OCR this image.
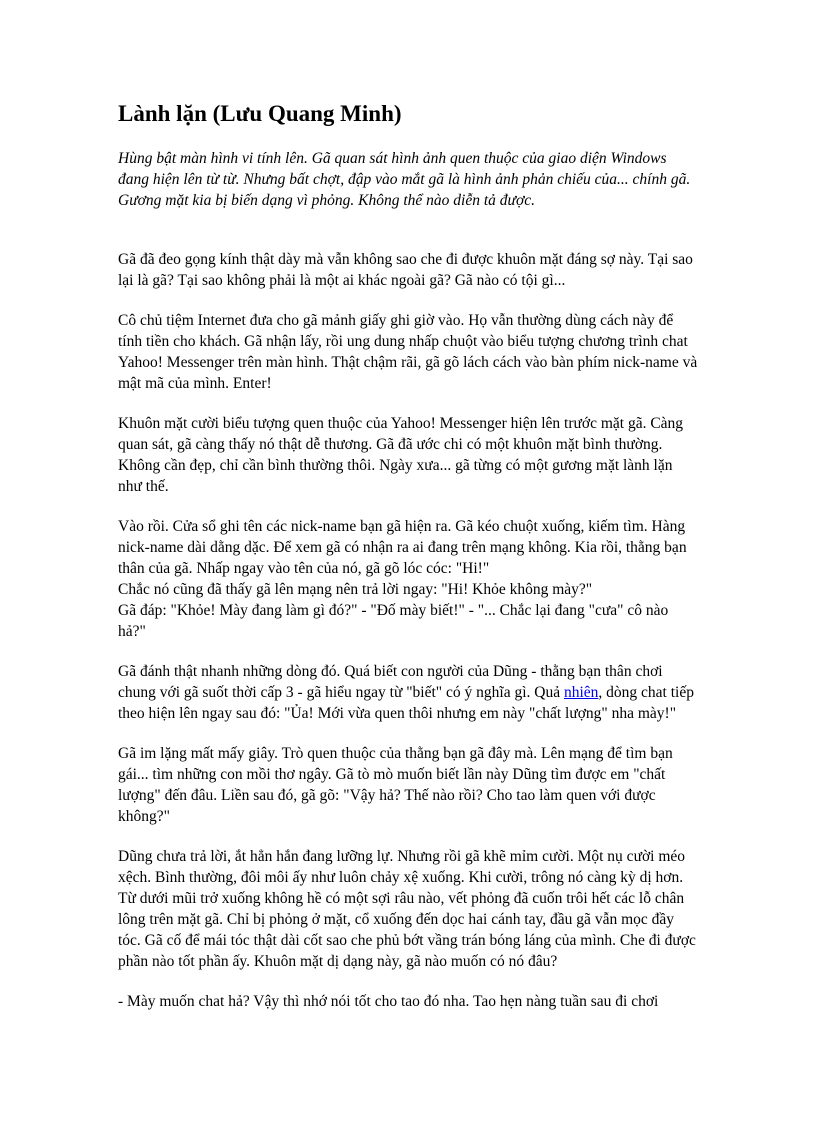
Lành lặn (Lưu Quang Minh)

Hùng bật màn hình vi tính lên. Gã quan sát hình ảnh quen thuộc của giao diện Windows đang hiện lên từ từ. Nhưng bất chợt, đập vào mắt gã là hình ảnh phản chiếu của... chính gã. Gương mặt kia bị biến dạng vì phỏng. Không thể nào diễn tả được.

Gã đã đeo gọng kính thật dày mà vẫn không sao che đi được khuôn mặt đáng sợ này. Tại sao lại là gã? Tại sao không phải là một ai khác ngoài gã? Gã nào có tội gì...

Cô chủ tiệm Internet đưa cho gã mảnh giấy ghi giờ vào. Họ vẫn thường dùng cách này để tính tiền cho khách. Gã nhận lấy, rồi ung dung nhấp chuột vào biểu tượng chương trình chat Yahoo! Messenger trên màn hình. Thật chậm rãi, gã gõ lách cách vào bàn phím nick-name và mật mã của mình. Enter!

Khuôn mặt cười biểu tượng quen thuộc của Yahoo! Messenger hiện lên trước mặt gã. Càng quan sát, gã càng thấy nó thật dễ thương. Gã đã ước chi có một khuôn mặt bình thường. Không cần đẹp, chỉ cần bình thường thôi. Ngày xưa... gã từng có một gương mặt lành lặn như thế.

Vào rồi. Cửa sổ ghi tên các nick-name bạn gã hiện ra. Gã kéo chuột xuống, kiếm tìm. Hàng nick-name dài dằng dặc. Để xem gã có nhận ra ai đang trên mạng không. Kia rồi, thằng bạn thân của gã. Nhấp ngay vào tên của nó, gã gõ lóc cóc: "Hi!"
Chắc nó cũng đã thấy gã lên mạng nên trả lời ngay: "Hi! Khỏe không mày?"
Gã đáp: "Khỏe! Mày đang làm gì đó?" - "Đố mày biết!" - "... Chắc lại đang "cưa" cô nào hả?"

Gã đánh thật nhanh những dòng đó. Quá biết con người của Dũng - thằng bạn thân chơi chung với gã suốt thời cấp 3 - gã hiểu ngay từ "biết" có ý nghĩa gì. Quả nhiên, dòng chat tiếp theo hiện lên ngay sau đó: "Ủa! Mới vừa quen thôi nhưng em này "chất lượng" nha mày!"

Gã im lặng mất mấy giây. Trò quen thuộc của thằng bạn gã đây mà. Lên mạng để tìm bạn gái... tìm những con mồi thơ ngây. Gã tò mò muốn biết lần này Dũng tìm được em "chất lượng" đến đâu. Liền sau đó, gã gõ: "Vậy hả? Thế nào rồi? Cho tao làm quen với được không?"

Dũng chưa trả lời, ắt hẳn hắn đang lưỡng lự. Nhưng rồi gã khẽ mỉm cười. Một nụ cười méo xệch. Bình thường, đôi môi ấy như luôn chảy xệ xuống. Khi cười, trông nó càng kỳ dị hơn. Từ dưới mũi trở xuống không hề có một sợi râu nào, vết phỏng đã cuốn trôi hết các lỗ chân lông trên mặt gã. Chỉ bị phỏng ở mặt, cổ xuống đến dọc hai cánh tay, đầu gã vẫn mọc đầy tóc. Gã cố để mái tóc thật dài cốt sao che phủ bớt vầng trán bóng láng của mình. Che đi được phần nào tốt phần ấy. Khuôn mặt dị dạng này, gã nào muốn có nó đâu?

- Mày muốn chat hả? Vậy thì nhớ nói tốt cho tao đó nha. Tao hẹn nàng tuần sau đi chơi
